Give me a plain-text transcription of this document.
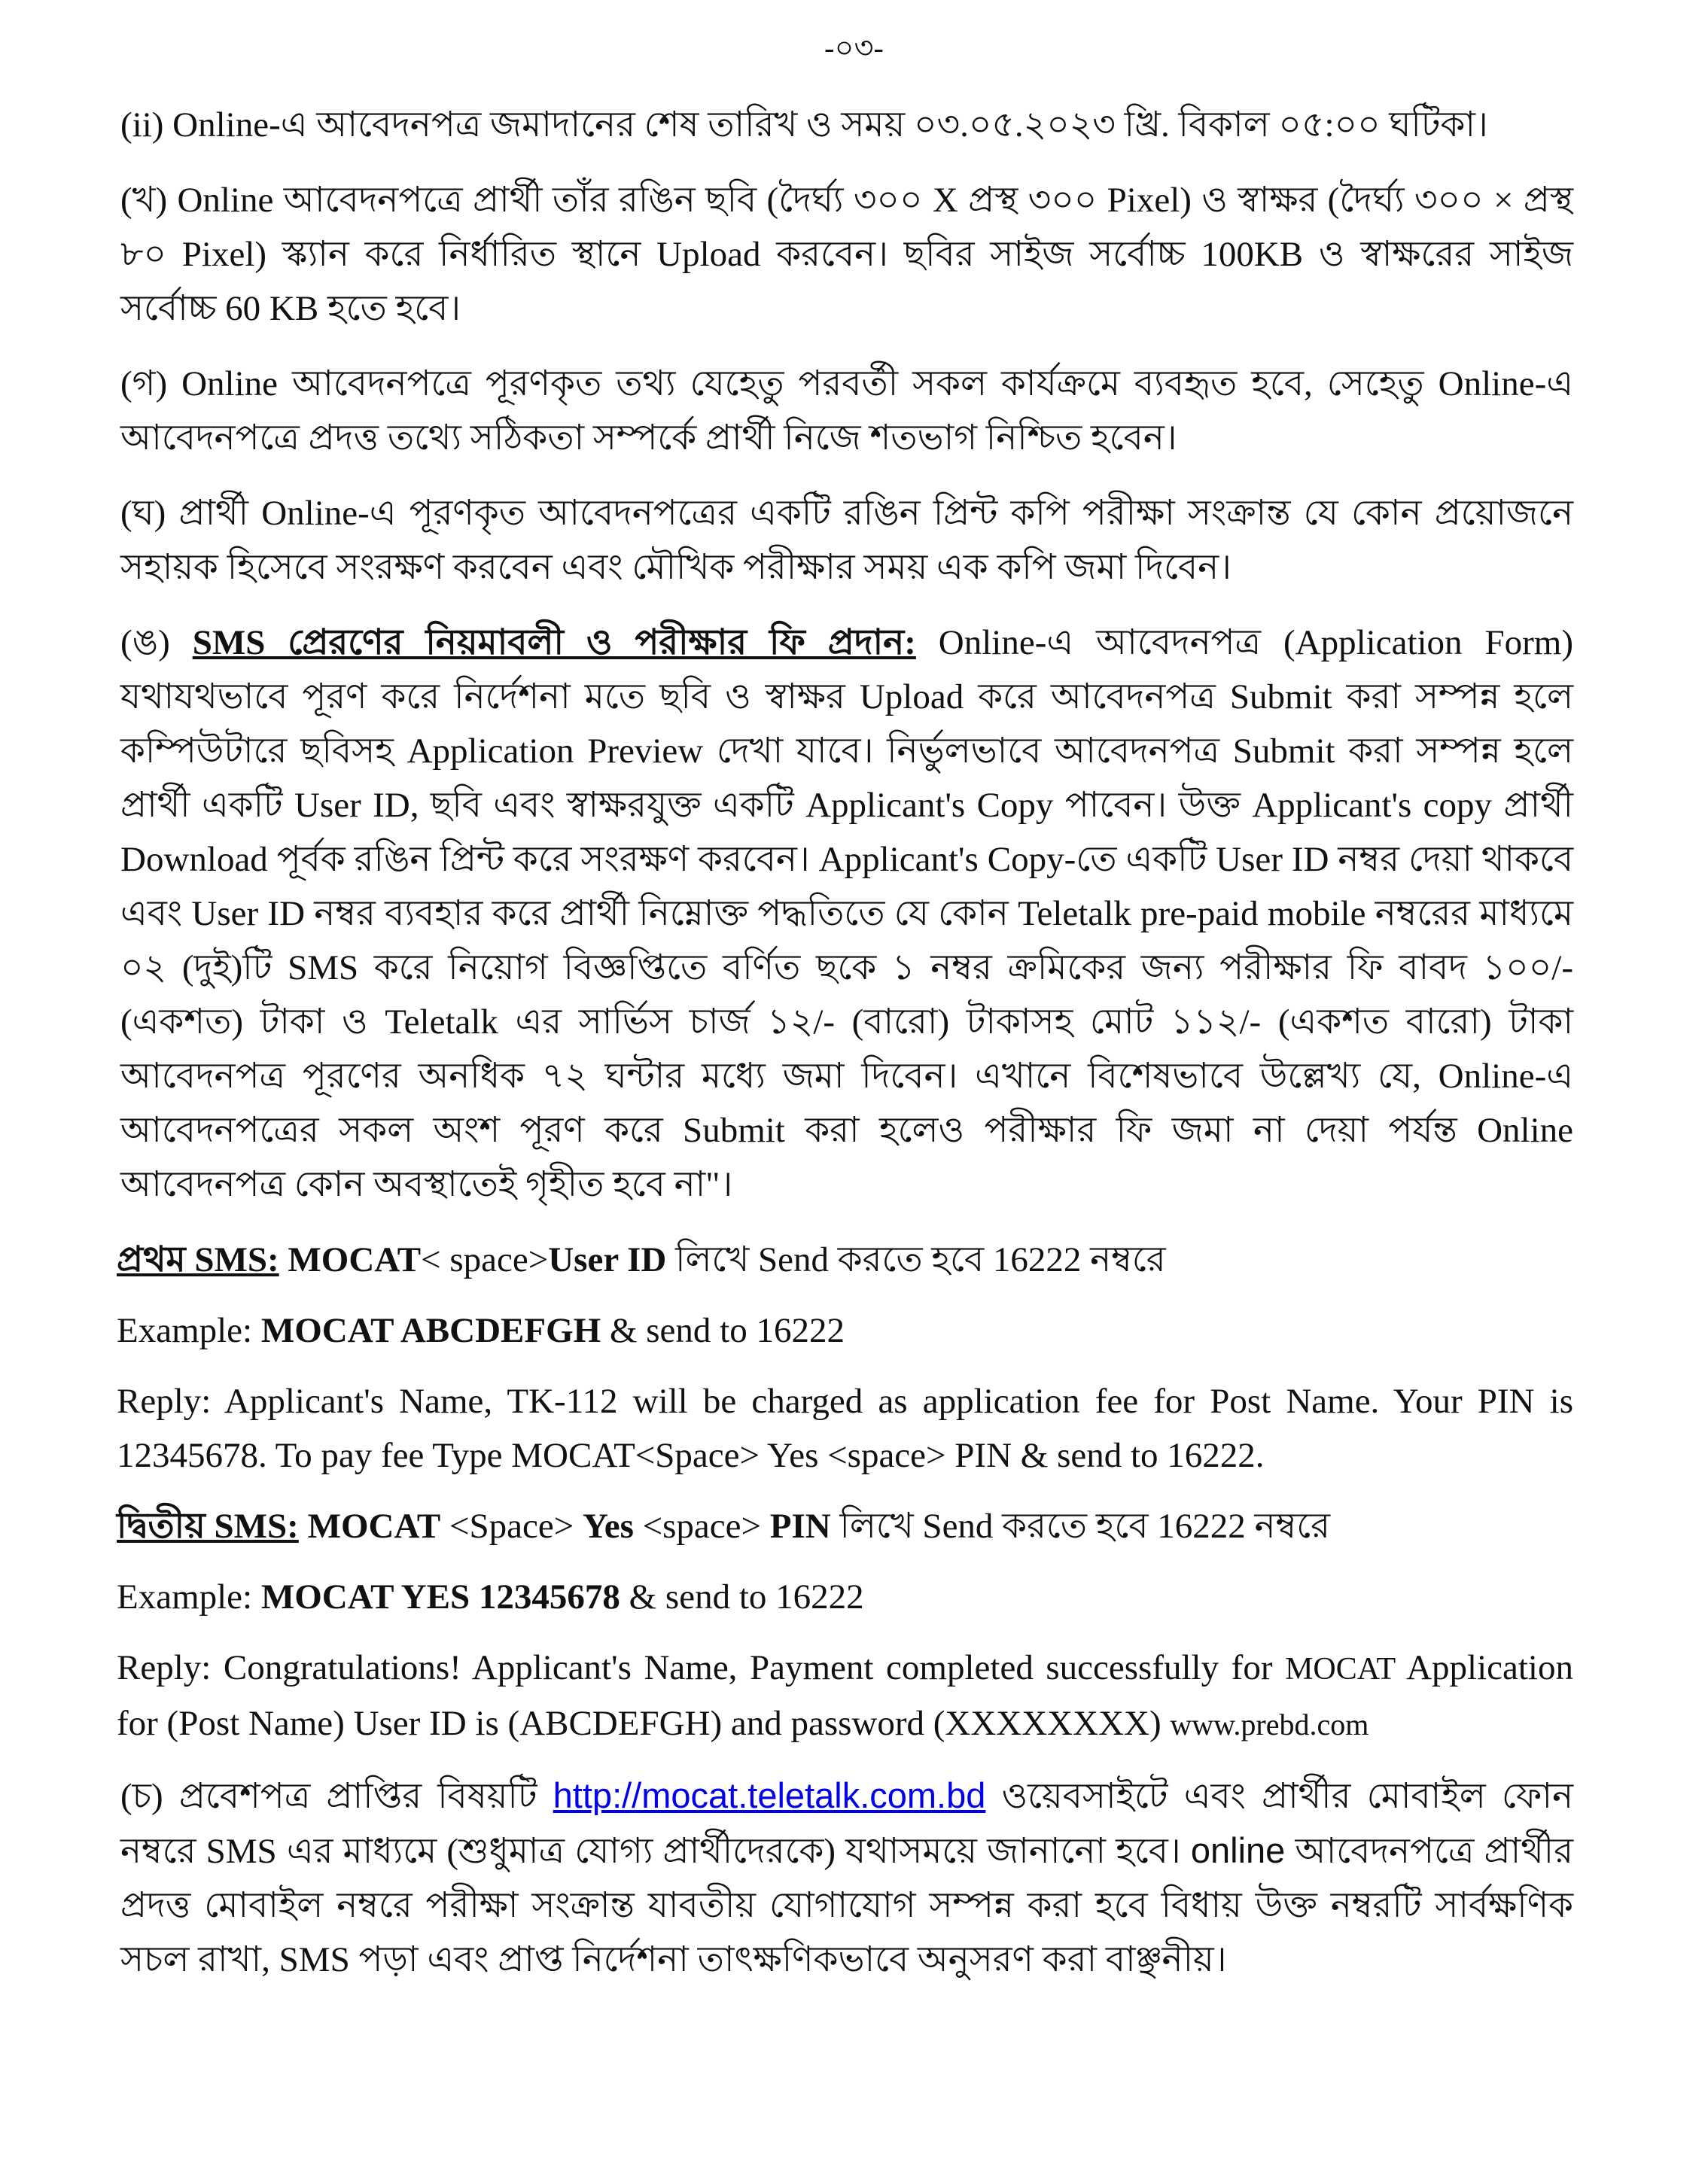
-০৩-

(ii) Online-এ আবেদনপত্র জমাদানের শেষ তারিখ ও সময় ০৩.০৫.২০২৩ খ্রি. বিকাল ০৫:০০ ঘটিকা।

(খ) Online আবেদনপত্রে প্রার্থী তাঁর রঙিন ছবি (দৈর্ঘ্য ৩০০ X প্রস্থ ৩০০ Pixel) ও স্বাক্ষর (দৈর্ঘ্য ৩০০ × প্রস্থ ৮০ Pixel) স্ক্যান করে নির্ধারিত স্থানে Upload করবেন। ছবির সাইজ সর্বোচ্চ 100KB ও স্বাক্ষরের সাইজ সর্বোচ্চ 60 KB হতে হবে।

(গ) Online আবেদনপত্রে পূরণকৃত তথ্য যেহেতু পরবর্তী সকল কার্যক্রমে ব্যবহৃত হবে, সেহেতু Online-এ আবেদনপত্রে প্রদত্ত তথ্যে সঠিকতা সম্পর্কে প্রার্থী নিজে শতভাগ নিশ্চিত হবেন।

(ঘ) প্রার্থী Online-এ পূরণকৃত আবেদনপত্রের একটি রঙিন প্রিন্ট কপি পরীক্ষা সংক্রান্ত যে কোন প্রয়োজনে সহায়ক হিসেবে সংরক্ষণ করবেন এবং মৌখিক পরীক্ষার সময় এক কপি জমা দিবেন।

(ঙ) SMS প্রেরণের নিয়মাবলী ও পরীক্ষার ফি প্রদান: Online-এ আবেদনপত্র (Application Form) যথাযথভাবে পূরণ করে নির্দেশনা মতে ছবি ও স্বাক্ষর Upload করে আবেদনপত্র Submit করা সম্পন্ন হলে কম্পিউটারে ছবিসহ Application Preview দেখা যাবে। নির্ভুলভাবে আবেদনপত্র Submit করা সম্পন্ন হলে প্রার্থী একটি User ID, ছবি এবং স্বাক্ষরযুক্ত একটি Applicant's Copy পাবেন। উক্ত Applicant's copy প্রার্থী Download পূর্বক রঙিন প্রিন্ট করে সংরক্ষণ করবেন। Applicant's Copy-তে একটি User ID নম্বর দেয়া থাকবে এবং User ID নম্বর ব্যবহার করে প্রার্থী নিম্নোক্ত পদ্ধতিতে যে কোন Teletalk pre-paid mobile নম্বরের মাধ্যমে ০২ (দুই)টি SMS করে নিয়োগ বিজ্ঞপ্তিতে বর্ণিত ছকে ১ নম্বর ক্রমিকের জন্য পরীক্ষার ফি বাবদ ১০০/- (একশত) টাকা ও Teletalk এর সার্ভিস চার্জ ১২/- (বারো) টাকাসহ মোট ১১২/- (একশত বারো) টাকা আবেদনপত্র পূরণের অনধিক ৭২ ঘন্টার মধ্যে জমা দিবেন। এখানে বিশেষভাবে উল্লেখ্য যে, Online-এ আবেদনপত্রের সকল অংশ পূরণ করে Submit করা হলেও পরীক্ষার ফি জমা না দেয়া পর্যন্ত Online আবেদনপত্র কোন অবস্থাতেই গৃহীত হবে না"।

প্রথম SMS: MOCAT< space>User ID লিখে Send করতে হবে 16222 নম্বরে

Example: MOCAT ABCDEFGH & send to 16222

Reply: Applicant's Name, TK-112 will be charged as application fee for Post Name. Your PIN is 12345678. To pay fee Type MOCAT<Space> Yes <space> PIN & send to 16222.

দ্বিতীয় SMS: MOCAT <Space> Yes <space> PIN লিখে Send করতে হবে 16222 নম্বরে

Example: MOCAT YES 12345678 & send to 16222

Reply: Congratulations! Applicant's Name, Payment completed successfully for MOCAT Application for (Post Name) User ID is (ABCDEFGH) and password (XXXXXXXX) www.prebd.com

(চ) প্রবেশপত্র প্রাপ্তির বিষয়টি http://mocat.teletalk.com.bd ওয়েবসাইটে এবং প্রার্থীর মোবাইল ফোন নম্বরে SMS এর মাধ্যমে (শুধুমাত্র যোগ্য প্রার্থীদেরকে) যথাসময়ে জানানো হবে। online আবেদনপত্রে প্রার্থীর প্রদত্ত মোবাইল নম্বরে পরীক্ষা সংক্রান্ত যাবতীয় যোগাযোগ সম্পন্ন করা হবে বিধায় উক্ত নম্বরটি সার্বক্ষণিক সচল রাখা, SMS পড়া এবং প্রাপ্ত নির্দেশনা তাৎক্ষণিকভাবে অনুসরণ করা বাঞ্ছনীয়।
